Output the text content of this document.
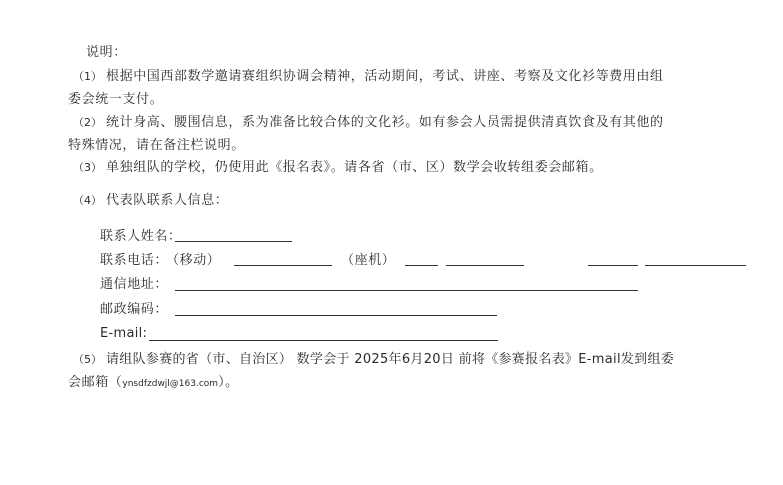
说明：
（1） 根据中国西部数学邀请赛组织协调会精神，活动期间，考试、讲座、考察及文化衫等费用由组
委会统一支付。
（2） 统计身高、腰围信息，系为准备比较合体的文化衫。如有参会人员需提供清真饮食及有其他的
特殊情况，请在备注栏说明。
（3） 单独组队的学校，仍使用此《报名表》。请各省（市、区）数学会收转组委会邮箱。
（4） 代表队联系人信息：
联系人姓名：
联系电话：
（移动）	（座机）
通信地址：
邮政编码：
E-mail:
（5） 请组队参赛的省（市、自治区） 数学会于 2025年6月20日 前将《参赛报名表》E-mail发到组委
会邮箱（ynsdfzdwjl@163.com）。
